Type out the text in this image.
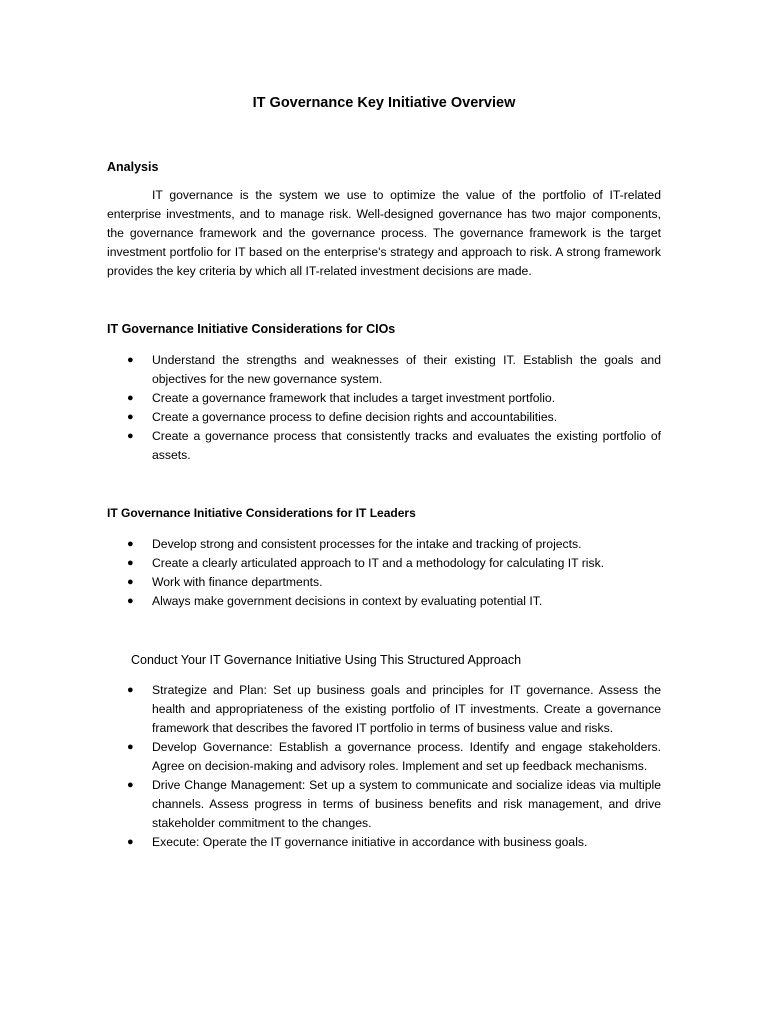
IT Governance Key Initiative Overview
Analysis

IT governance is the system we use to optimize the value of the portfolio of IT-related enterprise investments, and to manage risk. Well-designed governance has two major components, the governance framework and the governance process. The governance framework is the target investment portfolio for IT based on the enterprise's strategy and approach to risk. A strong framework provides the key criteria by which all IT-related investment decisions are made.

IT Governance Initiative Considerations for CIOs
● Understand the strengths and weaknesses of their existing IT. Establish the goals and objectives for the new governance system.
● Create a governance framework that includes a target investment portfolio.
● Create a governance process to define decision rights and accountabilities.
● Create a governance process that consistently tracks and evaluates the existing portfolio of assets.
IT Governance Initiative Considerations for IT Leaders
● Develop strong and consistent processes for the intake and tracking of projects.
● Create a clearly articulated approach to IT and a methodology for calculating IT risk.
● Work with finance departments.
● Always make government decisions in context by evaluating potential IT.
Conduct Your IT Governance Initiative Using This Structured Approach
● Strategize and Plan: Set up business goals and principles for IT governance. Assess the health and appropriateness of the existing portfolio of IT investments. Create a governance framework that describes the favored IT portfolio in terms of business value and risks.
● Develop Governance: Establish a governance process. Identify and engage stakeholders. Agree on decision-making and advisory roles. Implement and set up feedback mechanisms.
● Drive Change Management: Set up a system to communicate and socialize ideas via multiple channels. Assess progress in terms of business benefits and risk management, and drive stakeholder commitment to the changes.
● Execute: Operate the IT governance initiative in accordance with business goals.
